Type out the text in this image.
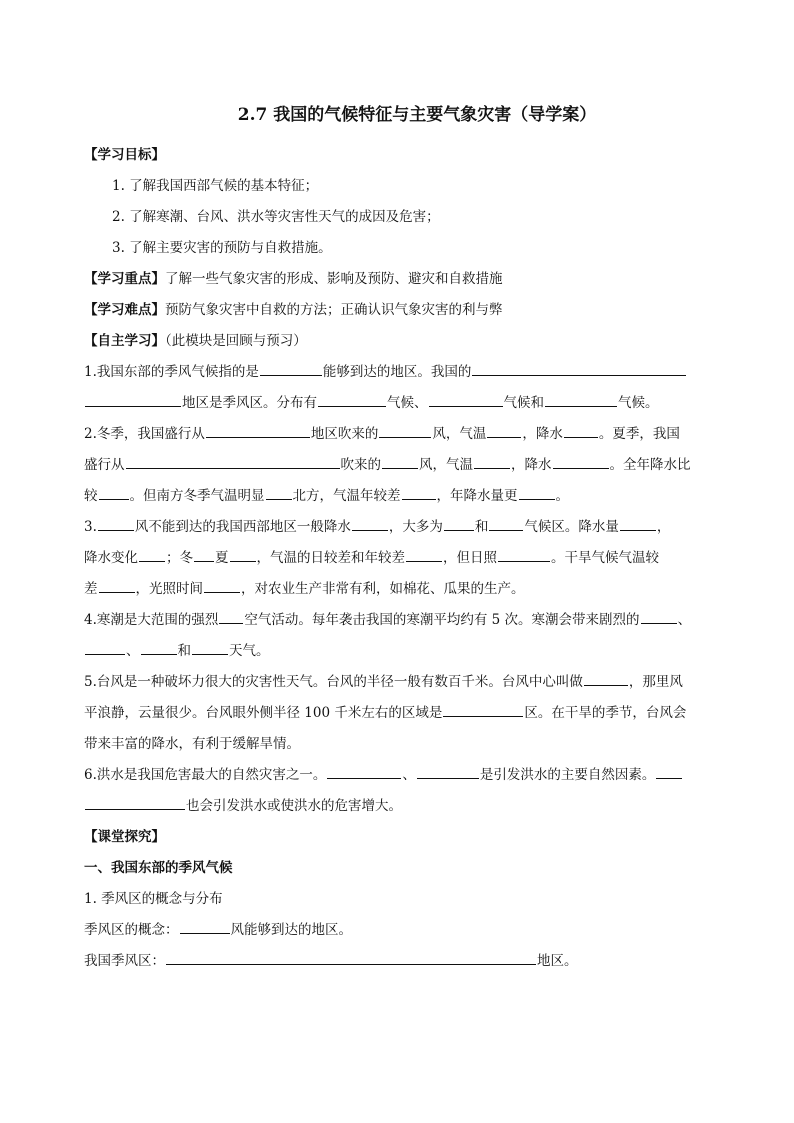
2.7 我国的气候特征与主要气象灾害（导学案）
【学习目标】
1. 了解我国西部气候的基本特征；
2. 了解寒潮、台风、洪水等灾害性天气的成因及危害；
3. 了解主要灾害的预防与自救措施。
【学习重点】了解一些气象灾害的形成、影响及预防、避灾和自救措施
【学习难点】预防气象灾害中自救的方法；正确认识气象灾害的利与弊
【自主学习】（此模块是回顾与预习）
1.我国东部的季风气候指的是	能够到达的地区。我国的
地区是季风区。分布有	气候、	气候和	气候。
2.冬季，我国盛行从	地区吹来的	风，气温	，降水	。夏季，我国
盛行从	吹来的	风，气温	，降水	。全年降水比
较 。但南方冬季气温明显 北方，气温年较差	，年降水量更	。
3.	风不能到达的我国西部地区一般降水	，大多为 和	气候区。降水量	，
降水变化 ；冬 夏 ，气温的日较差和年较差	，但日照	。干旱气候气温较
差	，光照时间	，对农业生产非常有利，如棉花、瓜果的生产。
4.寒潮是大范围的强烈 空气活动。每年袭击我国的寒潮平均约有 5 次。寒潮会带来剧烈的	、
、	和	天气。
5.台风是一种破坏力很大的灾害性天气。台风的半径一般有数百千米。台风中心叫做	，那里风
平浪静，云量很少。台风眼外侧半径 100 千米左右的区域是	区。在干旱的季节，台风会
带来丰富的降水，有利于缓解旱情。
6.洪水是我国危害最大的自然灾害之一。	、	是引发洪水的主要自然因素。
也会引发洪水或使洪水的危害增大。
【课堂探究】
一、我国东部的季风气候
1. 季风区的概念与分布
季风区的概念：	风能够到达的地区。
我国季风区：	地区。
